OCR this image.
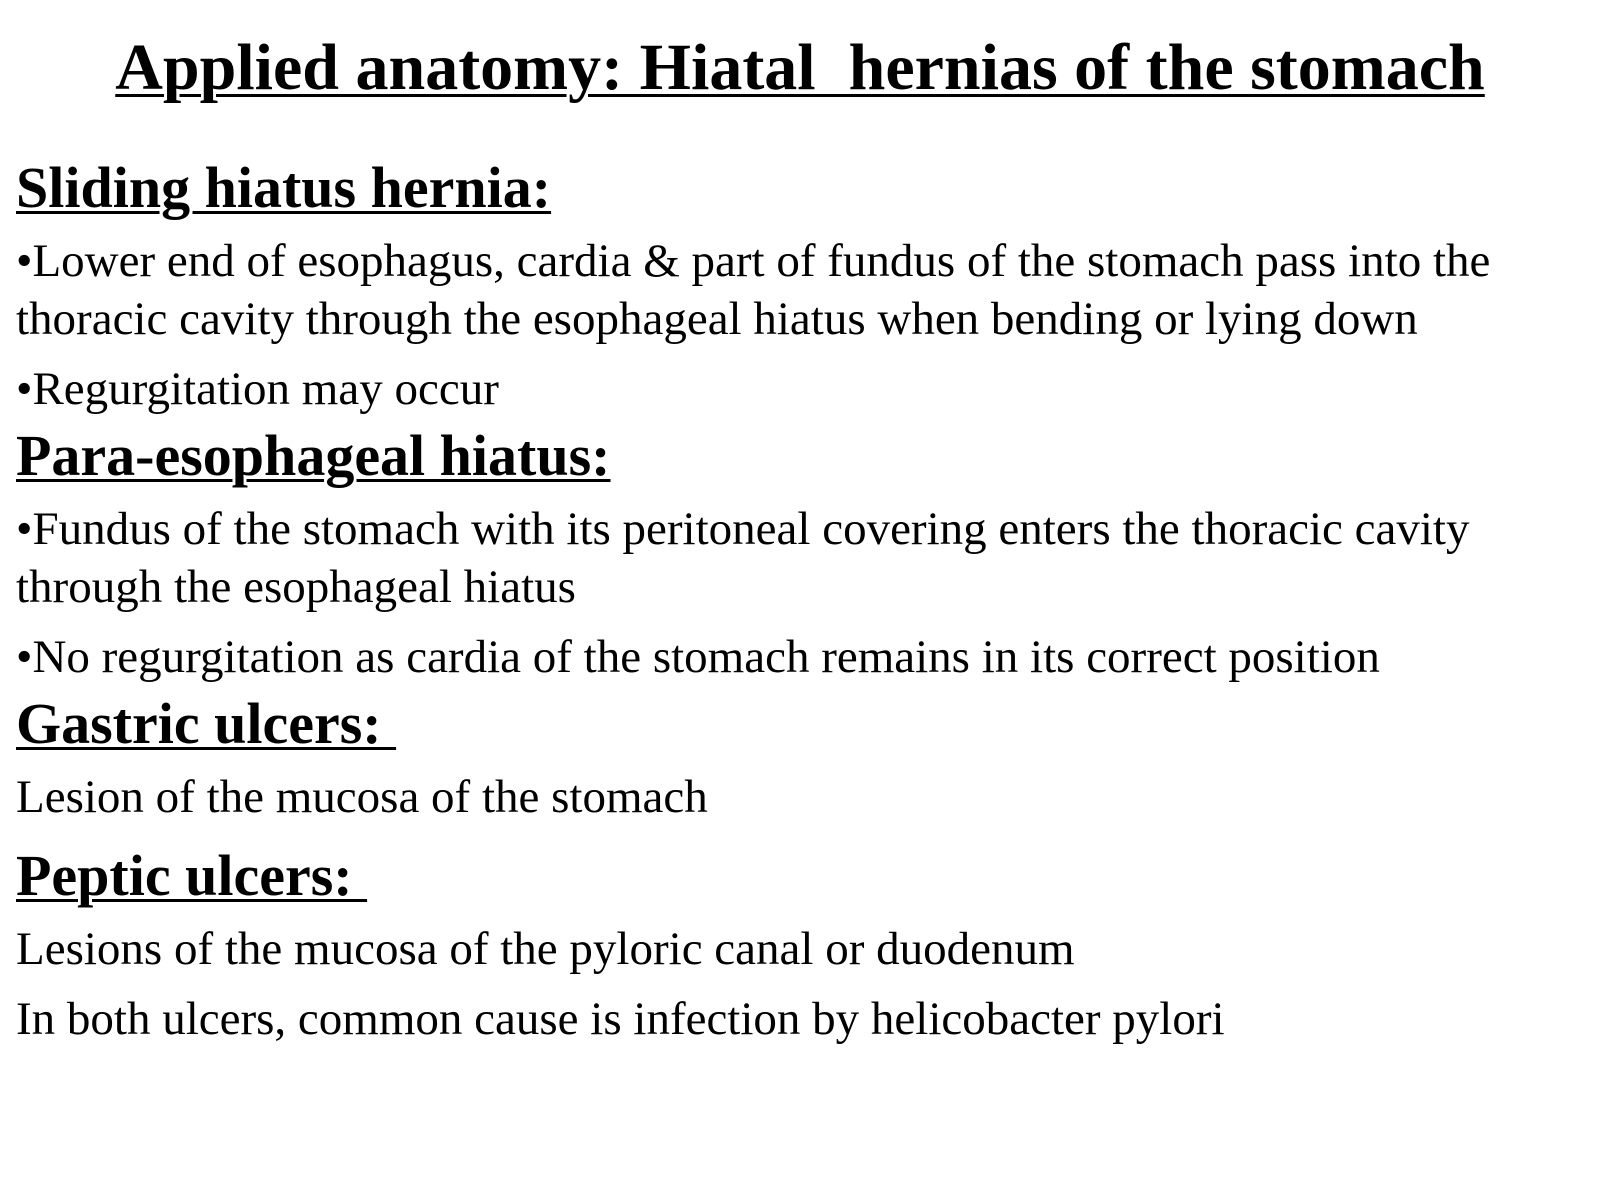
Applied anatomy: Hiatal  hernias of the stomach
Sliding hiatus hernia:

•Lower end of esophagus, cardia & part of fundus of the stomach pass into the thoracic cavity through the esophageal hiatus when bending or lying down

•Regurgitation may occur

Para-esophageal hiatus:

•Fundus of the stomach with its peritoneal covering enters the thoracic cavity through the esophageal hiatus

•No regurgitation as cardia of the stomach remains in its correct position

Gastric ulcers:

Lesion of the mucosa of the stomach

Peptic ulcers:

Lesions of the mucosa of the pyloric canal or duodenum

In both ulcers, common cause is infection by helicobacter pylori
